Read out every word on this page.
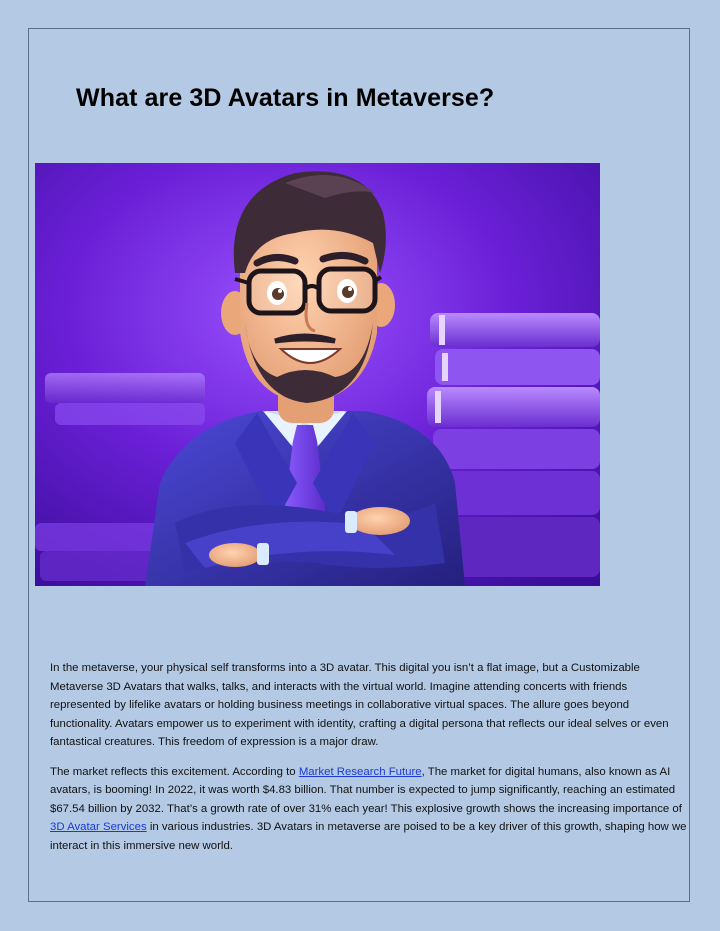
What are 3D Avatars in Metaverse?

In the metaverse, your physical self transforms into a 3D avatar. This digital you isn’t a flat image, but a Customizable Metaverse 3D Avatars that walks, talks, and interacts with the virtual world. Imagine attending concerts with friends represented by lifelike avatars or holding business meetings in collaborative virtual spaces. The allure goes beyond functionality. Avatars empower us to experiment with identity, crafting a digital persona that reflects our ideal selves or even fantastical creatures. This freedom of expression is a major draw.

The market reflects this excitement. According to Market Research Future, The market for digital humans, also known as AI avatars, is booming! In 2022, it was worth $4.83 billion. That number is expected to jump significantly, reaching an estimated $67.54 billion by 2032. That’s a growth rate of over 31% each year! This explosive growth shows the increasing importance of 3D Avatar Services in various industries. 3D Avatars in metaverse are poised to be a key driver of this growth, shaping how we interact in this immersive new world.
